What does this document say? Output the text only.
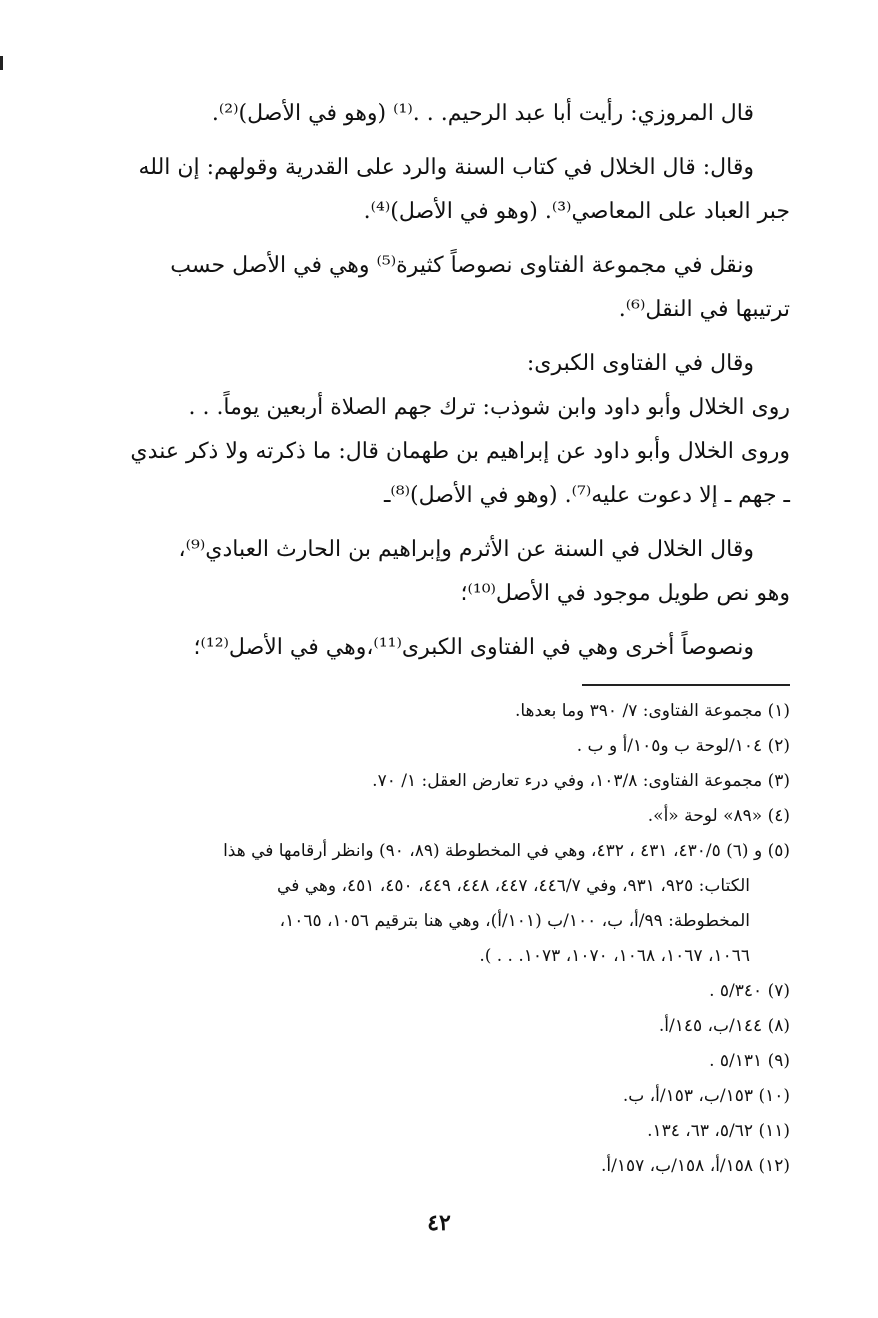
قال المروزي: رأيت أبا عبد الرحيم. . .⁽¹⁾ (وهو في الأصل)⁽²⁾.

وقال: قال الخلال في كتاب السنة والرد على القدرية وقولهم: إن الله
جبر العباد على المعاصي⁽³⁾. (وهو في الأصل)⁽⁴⁾.

ونقل في مجموعة الفتاوى نصوصاً كثيرة⁽⁵⁾ وهي في الأصل حسب
ترتيبها في النقل⁽⁶⁾.

وقال في الفتاوى الكبرى:
روى الخلال وأبو داود وابن شوذب: ترك جهم الصلاة أربعين يوماً. . .
وروى الخلال وأبو داود عن إبراهيم بن طهمان قال: ما ذكرته ولا ذكر عندي
ـ جهم ـ إلا دعوت عليه⁽⁷⁾. (وهو في الأصل)⁽⁸⁾ـ

وقال الخلال في السنة عن الأثرم وإبراهيم بن الحارث العبادي⁽⁹⁾،
وهو نص طويل موجود في الأصل⁽¹⁰⁾؛

ونصوصاً أخرى وهي في الفتاوى الكبرى⁽¹¹⁾،وهي في الأصل⁽¹²⁾؛

(١) مجموعة الفتاوى: ٧/ ٣٩٠ وما بعدها.

(٢) ١٠٤/لوحة ب و١٠٥/أ و ب .

(٣) مجموعة الفتاوى: ١٠٣/٨، وفي درء تعارض العقل: ١/ ٧٠.

(٤) «٨٩» لوحة «أ».

(٥) و (٦) ٤٣٠/٥، ٤٣١ ، ٤٣٢، وهي في المخطوطة (٨٩، ٩٠) وانظر أرقامها في هذا
الكتاب: ٩٢٥، ٩٣١، وفي ٤٤٦/٧، ٤٤٧، ٤٤٨، ٤٤٩، ٤٥٠، ٤٥١، وهي في
المخطوطة: ٩٩/أ، ب، ١٠٠/ب (١٠١/أ)، وهي هنا بترقيم ١٠٥٦، ١٠٦٥،
١٠٦٦، ١٠٦٧، ١٠٦٨، ١٠٧٠، ١٠٧٣. . . ).

(٧) ٥/٣٤٠ .

(٨) ١٤٤/ب، ١٤٥/أ.

(٩) ٥/١٣١ .

(١٠) ١٥٣/ب، ١٥٣/أ، ب.

(١١) ٥/٦٢، ٦٣، ١٣٤.

(١٢) ١٥٨/أ، ١٥٨/ب، ١٥٧/أ.

٤٢
